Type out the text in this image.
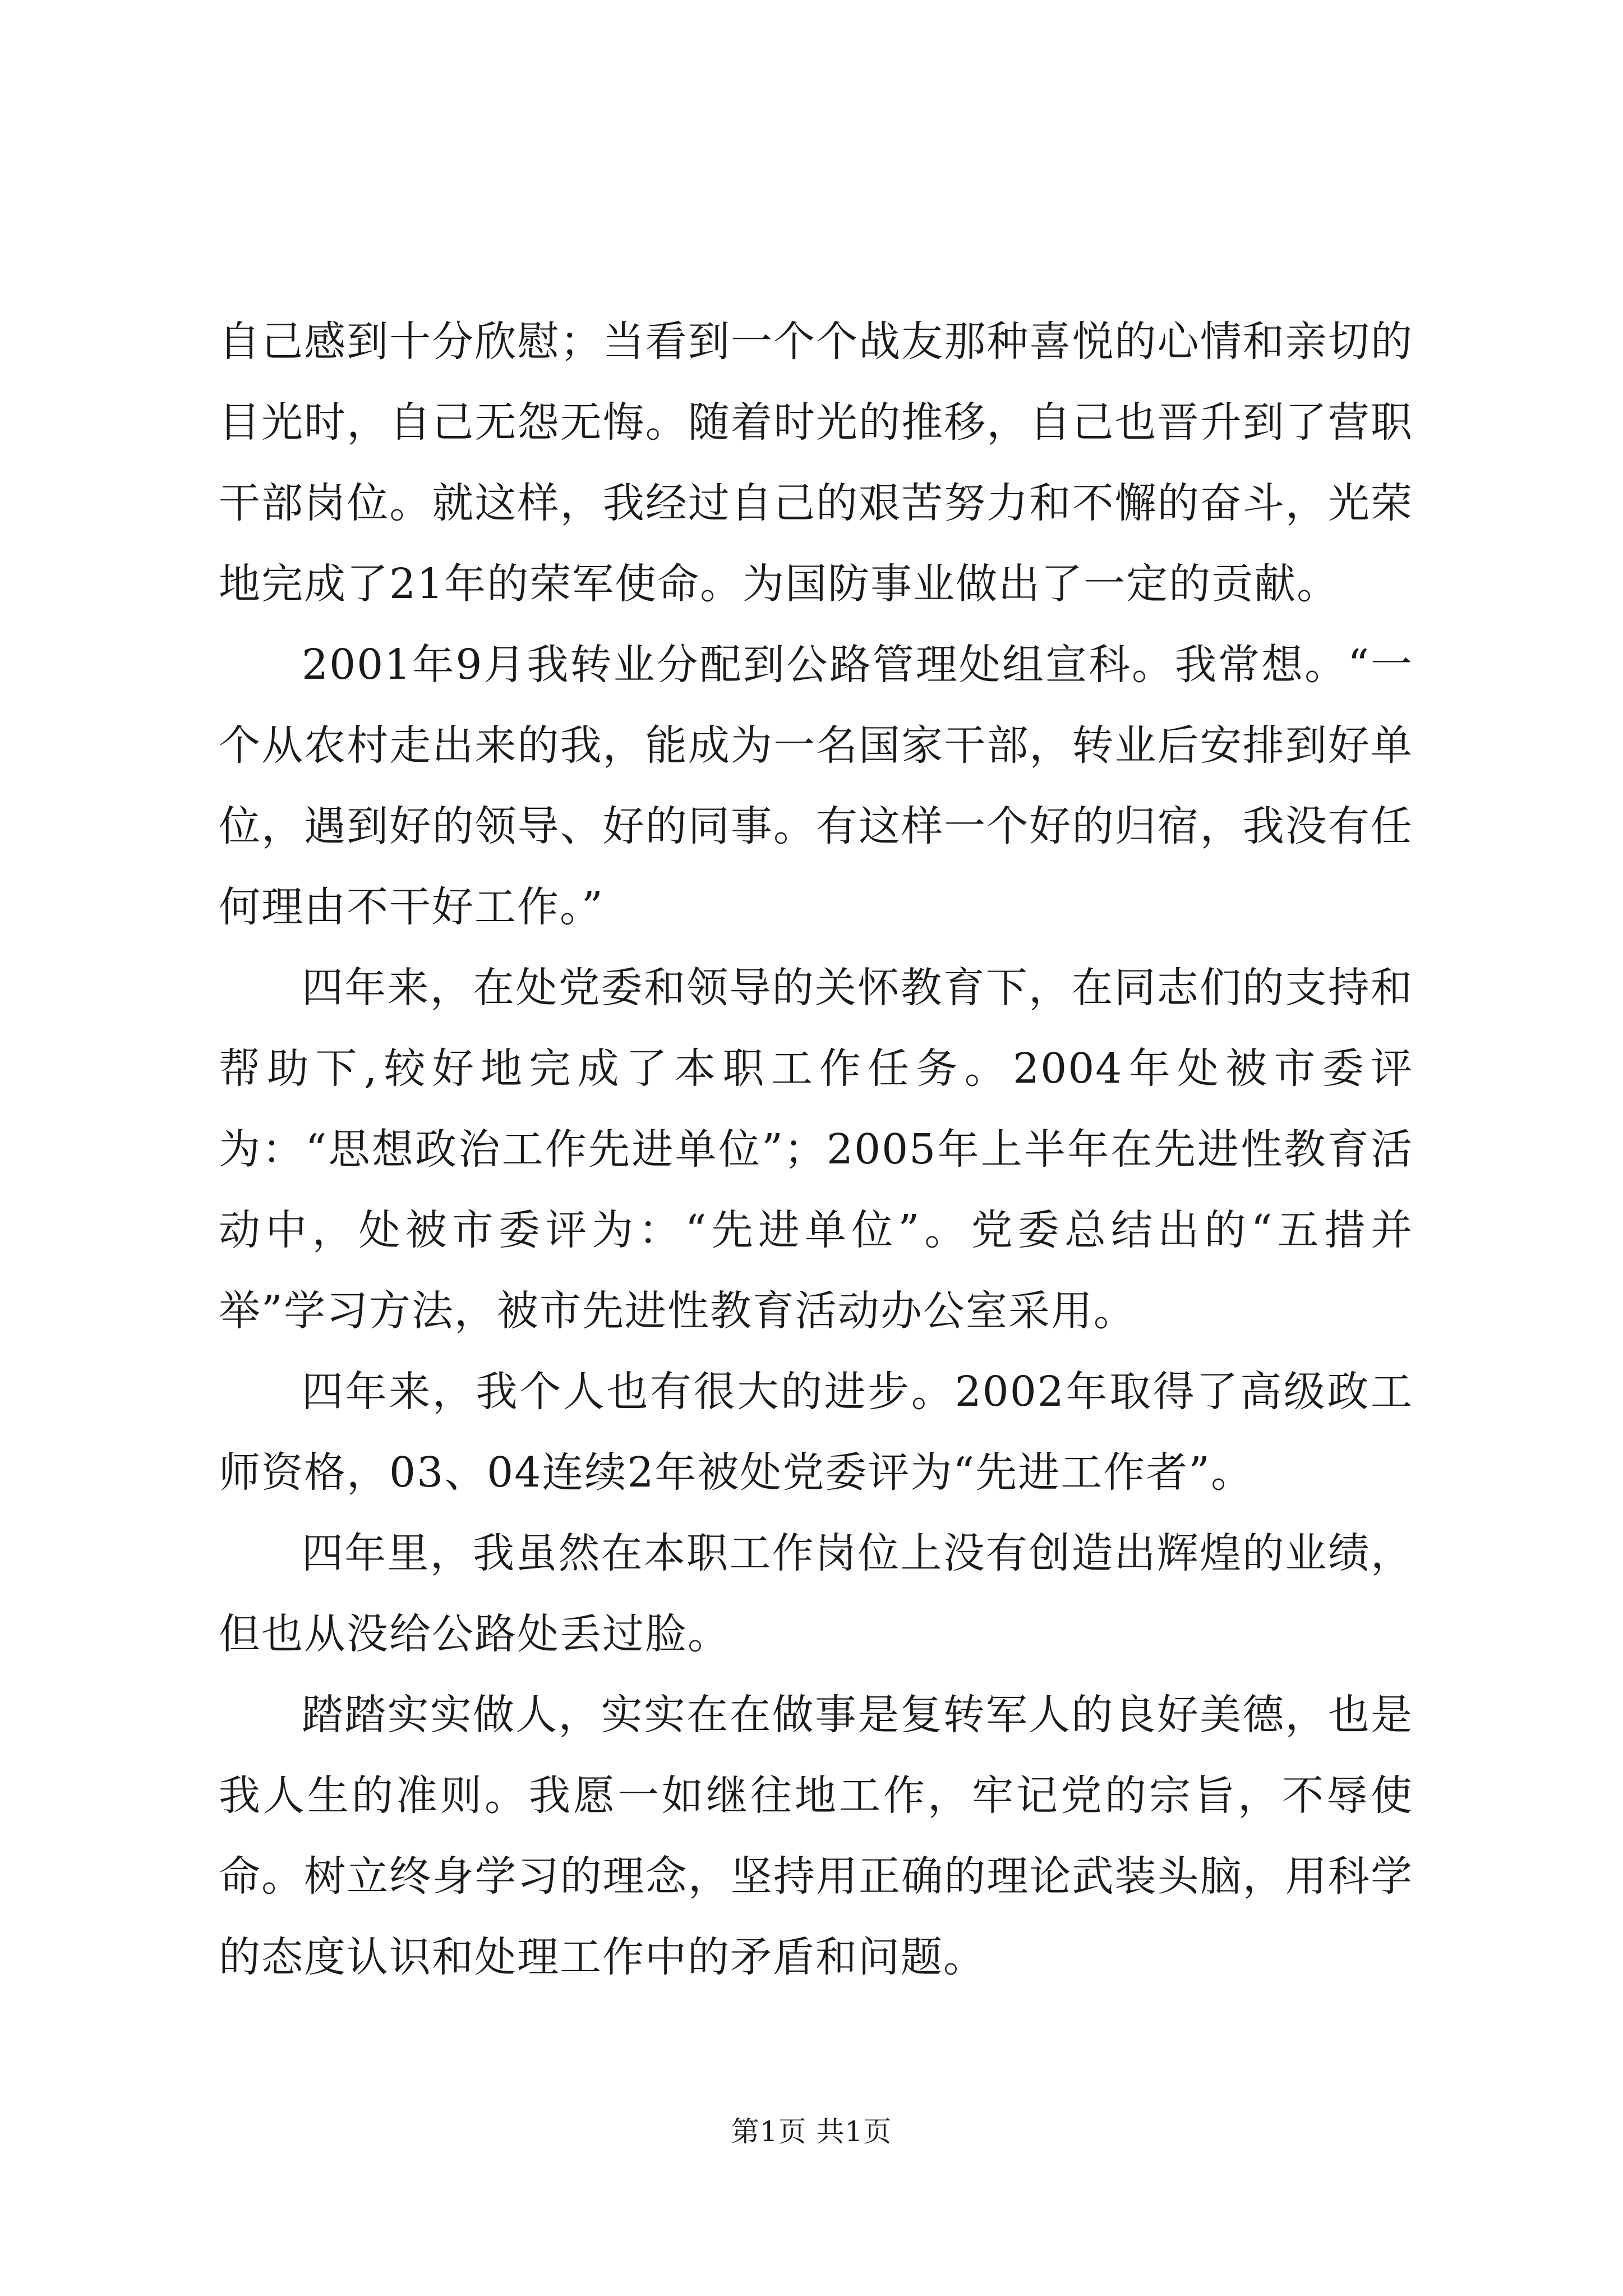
自己感到十分欣慰；当看到一个个战友那种喜悦的心情和亲切的目光时，自己无怨无悔。随着时光的推移，自己也晋升到了营职干部岗位。就这样，我经过自己的艰苦努力和不懈的奋斗，光荣地完成了21年的荣军使命。为国防事业做出了一定的贡献。

2001年9月我转业分配到公路管理处组宣科。我常想。“一个从农村走出来的我，能成为一名国家干部，转业后安排到好单位，遇到好的领导、好的同事。有这样一个好的归宿，我没有任何理由不干好工作。”

四年来，在处党委和领导的关怀教育下，在同志们的支持和帮助下,较好地完成了本职工作任务。2004年处被市委评为：“思想政治工作先进单位”；2005年上半年在先进性教育活动中，处被市委评为：“先进单位”。党委总结出的“五措并举”学习方法，被市先进性教育活动办公室采用。

四年来，我个人也有很大的进步。2002年取得了高级政工师资格，03、04连续2年被处党委评为“先进工作者”。

四年里，我虽然在本职工作岗位上没有创造出辉煌的业绩，但也从没给公路处丢过脸。

踏踏实实做人，实实在在做事是复转军人的良好美德，也是我人生的准则。我愿一如继往地工作，牢记党的宗旨，不辱使命。树立终身学习的理念，坚持用正确的理论武装头脑，用科学的态度认识和处理工作中的矛盾和问题。

第1页 共1页
